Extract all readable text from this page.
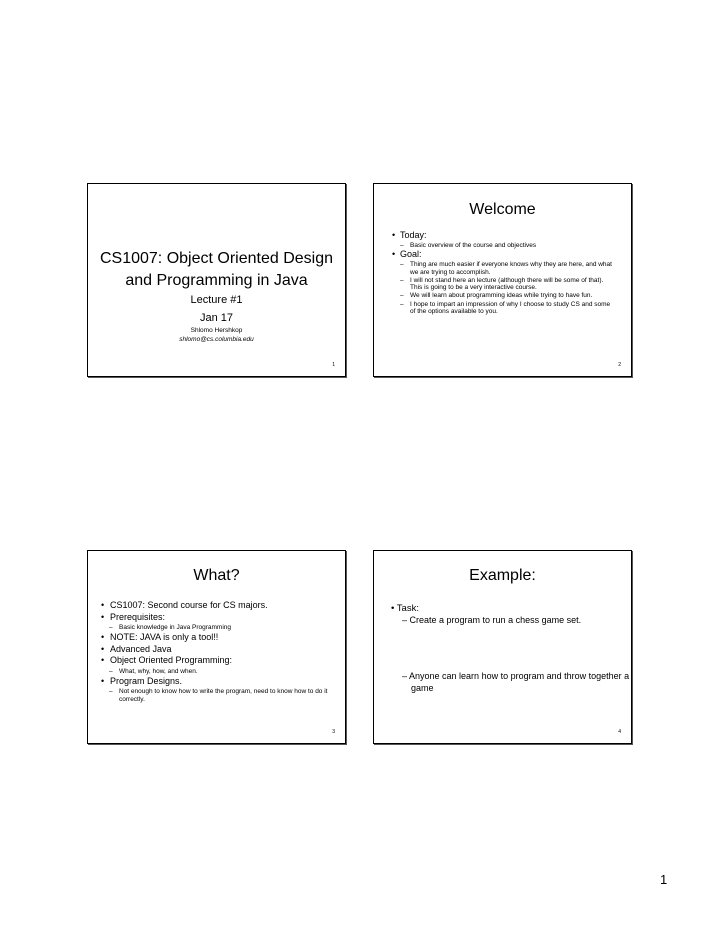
CS1007: Object Oriented Design
and Programming in Java
Lecture #1
Jan 17
Shlomo Hershkop
shlomo@cs.columbia.edu
1
Welcome
• Today:
– Basic overview of the course and objectives
• Goal:
– Thing are much easier if everyone knows why they are here, and what we are trying to accomplish.
– I will not stand here an lecture (although there will be some of that). This is going to be a very interactive course.
– We will learn about programming ideas while trying to have fun.
– I hope to impart an impression of why I choose to study CS and some of the options available to you.
2
What?
• CS1007: Second course for CS majors.
• Prerequisites:
– Basic knowledge in Java Programming
• NOTE: JAVA is only a tool!!
• Advanced Java
• Object Oriented Programming:
– What, why, how, and when.
• Program Designs.
– Not enough to know how to write the program, need to know how to do it correctly.
3
Example:
• Task:
– Create a program to run a chess game set.
– Anyone can learn how to program and throw together a game
4
1
